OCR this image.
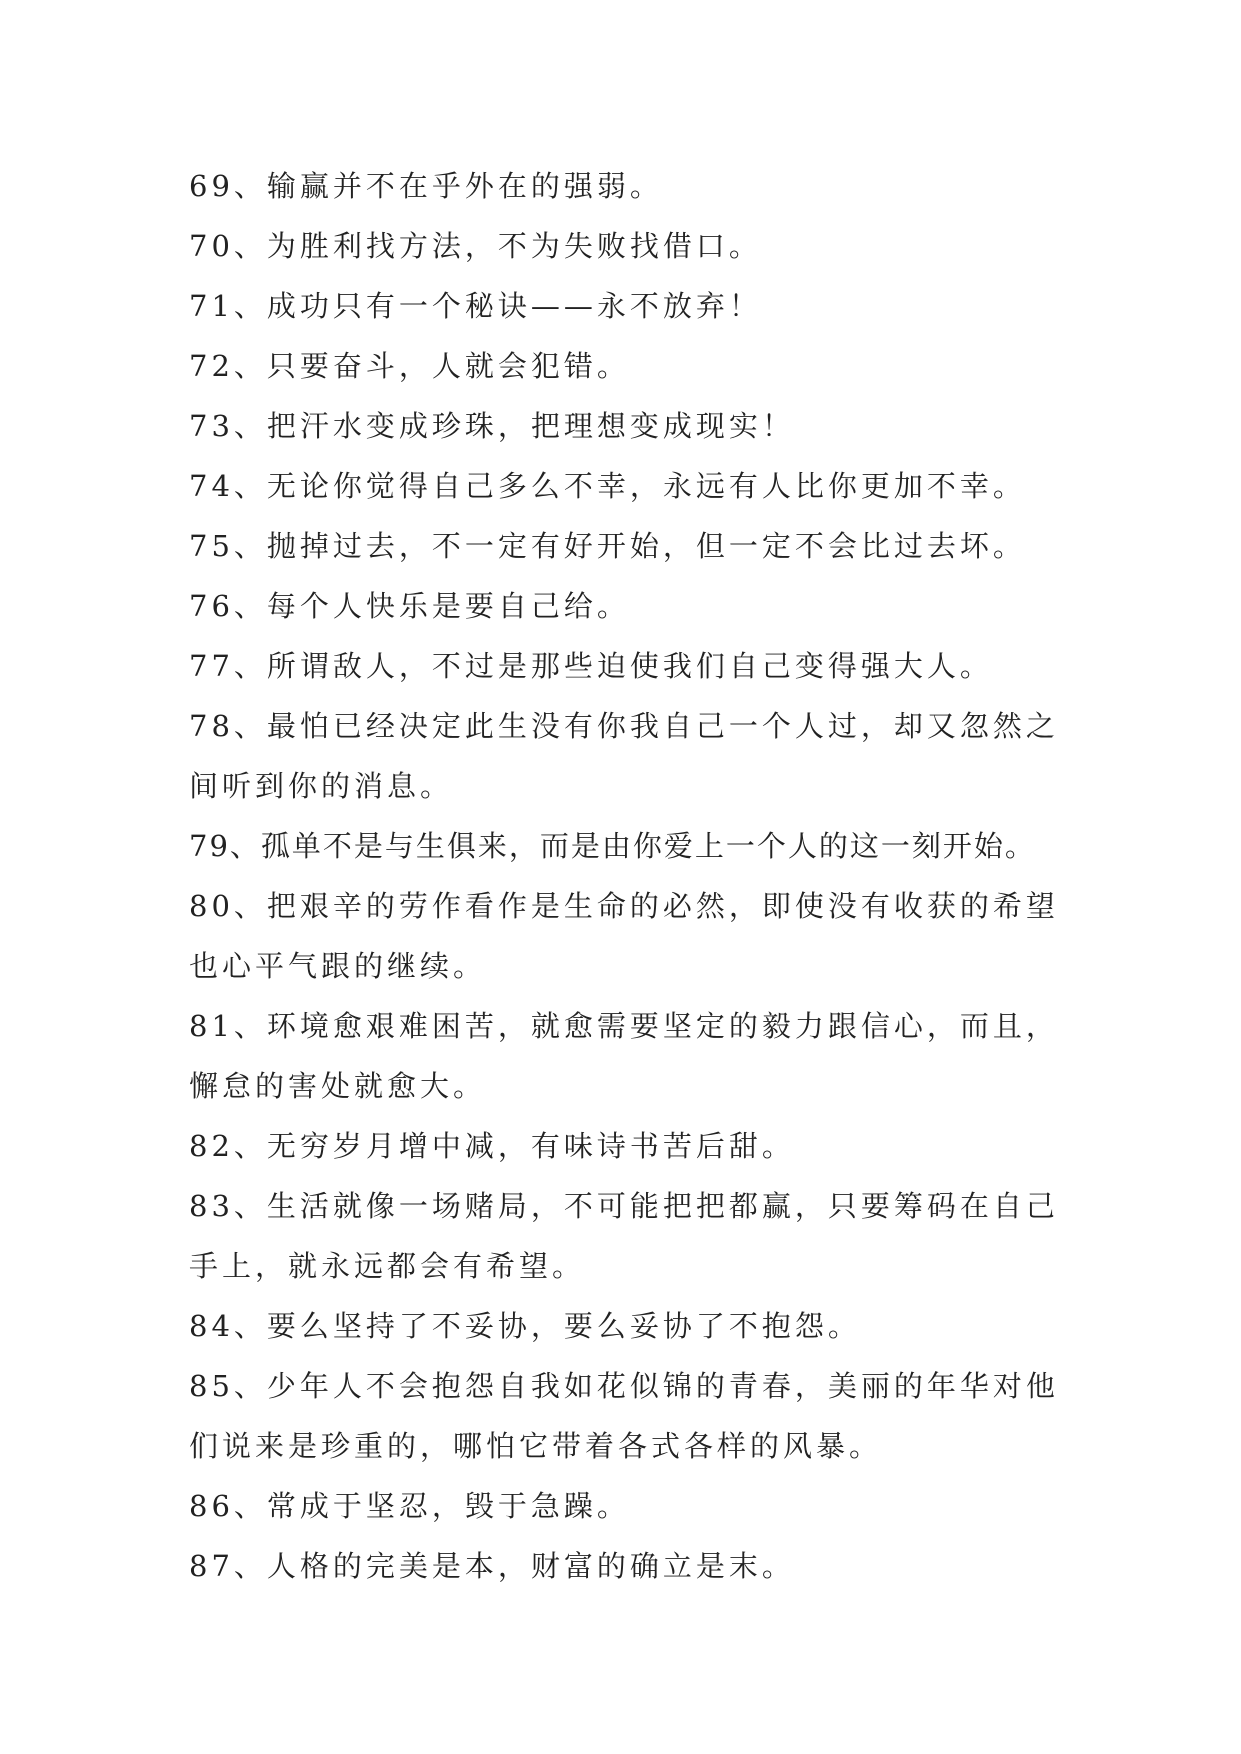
69、输赢并不在乎外在的强弱。
70、为胜利找方法，不为失败找借口。
71、成功只有一个秘诀——永不放弃！
72、只要奋斗，人就会犯错。
73、把汗水变成珍珠，把理想变成现实！
74、无论你觉得自己多么不幸，永远有人比你更加不幸。
75、抛掉过去，不一定有好开始，但一定不会比过去坏。
76、每个人快乐是要自己给。
77、所谓敌人，不过是那些迫使我们自己变得强大人。
78、最怕已经决定此生没有你我自己一个人过，却又忽然之
间听到你的消息。
79、孤单不是与生俱来，而是由你爱上一个人的这一刻开始。
80、把艰辛的劳作看作是生命的必然，即使没有收获的希望
也心平气跟的继续。
81、环境愈艰难困苦，就愈需要坚定的毅力跟信心，而且，
懈怠的害处就愈大。
82、无穷岁月增中减，有味诗书苦后甜。
83、生活就像一场赌局，不可能把把都赢，只要筹码在自己
手上，就永远都会有希望。
84、要么坚持了不妥协，要么妥协了不抱怨。
85、少年人不会抱怨自我如花似锦的青春，美丽的年华对他
们说来是珍重的，哪怕它带着各式各样的风暴。
86、常成于坚忍，毁于急躁。
87、人格的完美是本，财富的确立是末。
